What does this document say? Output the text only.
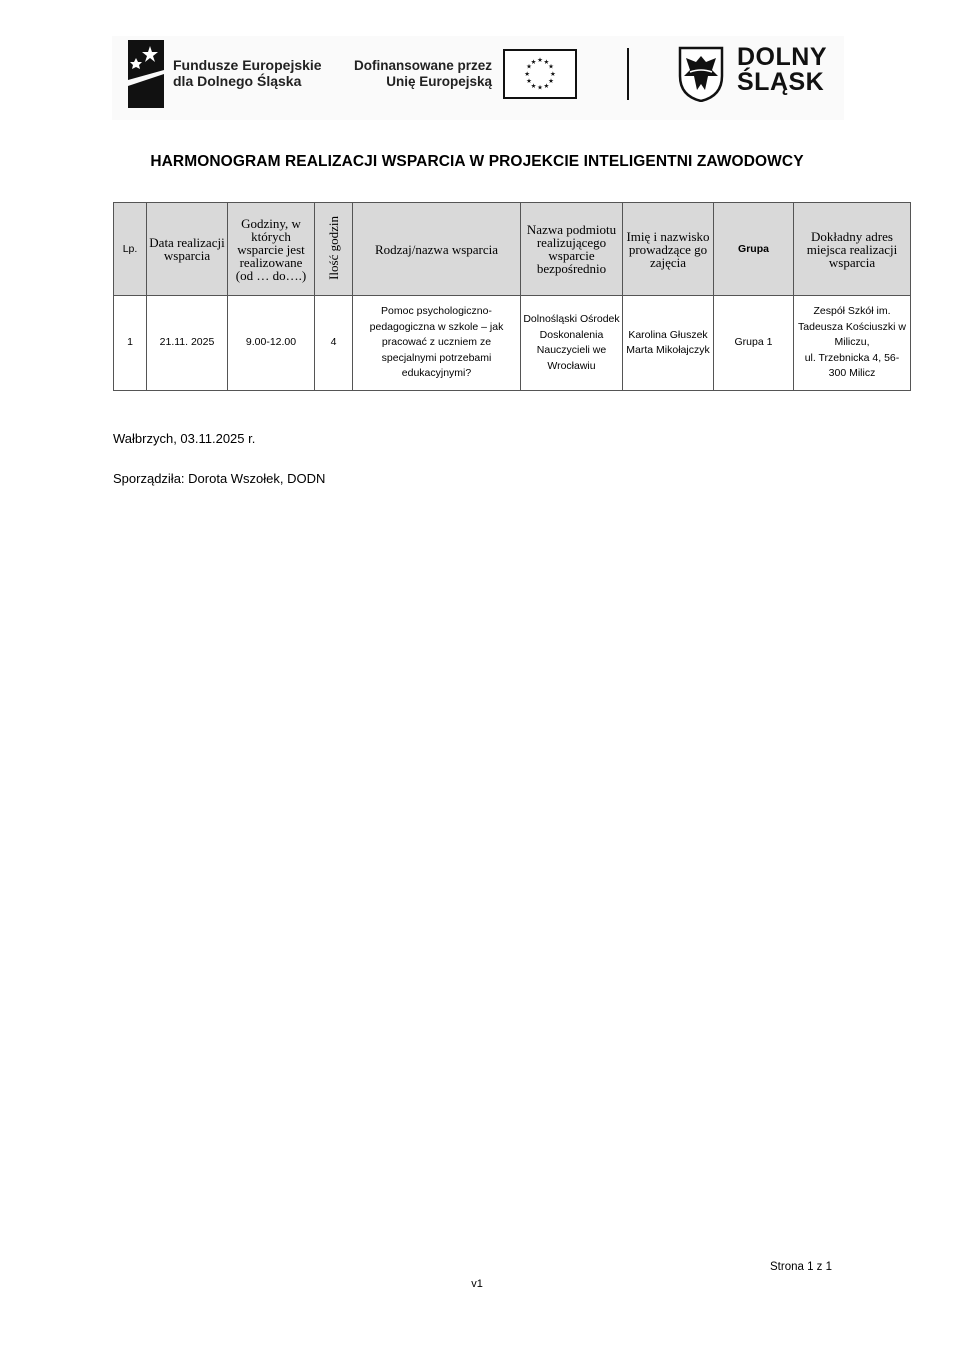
Fundusze Europejskie
dla Dolnego Śląska
Dofinansowane przez
Unię Europejską
★ ★
★
★
★
★
★
★
★
★
★
★	DOLNY
ŚLĄSK
HARMONOGRAM REALIZACJI WSPARCIA W PROJEKCIE INTELIGENTNI ZAWODOWCY
Lp.	Data realizacji wsparcia	Godziny, w których wsparcie jest realizowane (od … do….)	Ilość godzin	Rodzaj/nazwa wsparcia	Nazwa podmiotu realizującego wsparcie bezpośrednio	Imię i nazwisko prowadzące go zajęcia	Grupa	Dokładny adres miejsca realizacji wsparcia
1	21.11. 2025	9.00-12.00	4	Pomoc psychologiczno-pedagogiczna w szkole – jak pracować z uczniem ze specjalnymi potrzebami edukacyjnymi?	Dolnośląski Ośrodek Doskonalenia Nauczycieli we Wrocławiu	Karolina Głuszek
Marta Mikołajczyk	Grupa 1	Zespół Szkół im. Tadeusza Kościuszki w Miliczu,
ul. Trzebnicka 4, 56-300 Milicz
Wałbrzych, 03.11.2025 r.
Sporządziła: Dorota Wszołek, DODN
Strona 1 z 1
v1
